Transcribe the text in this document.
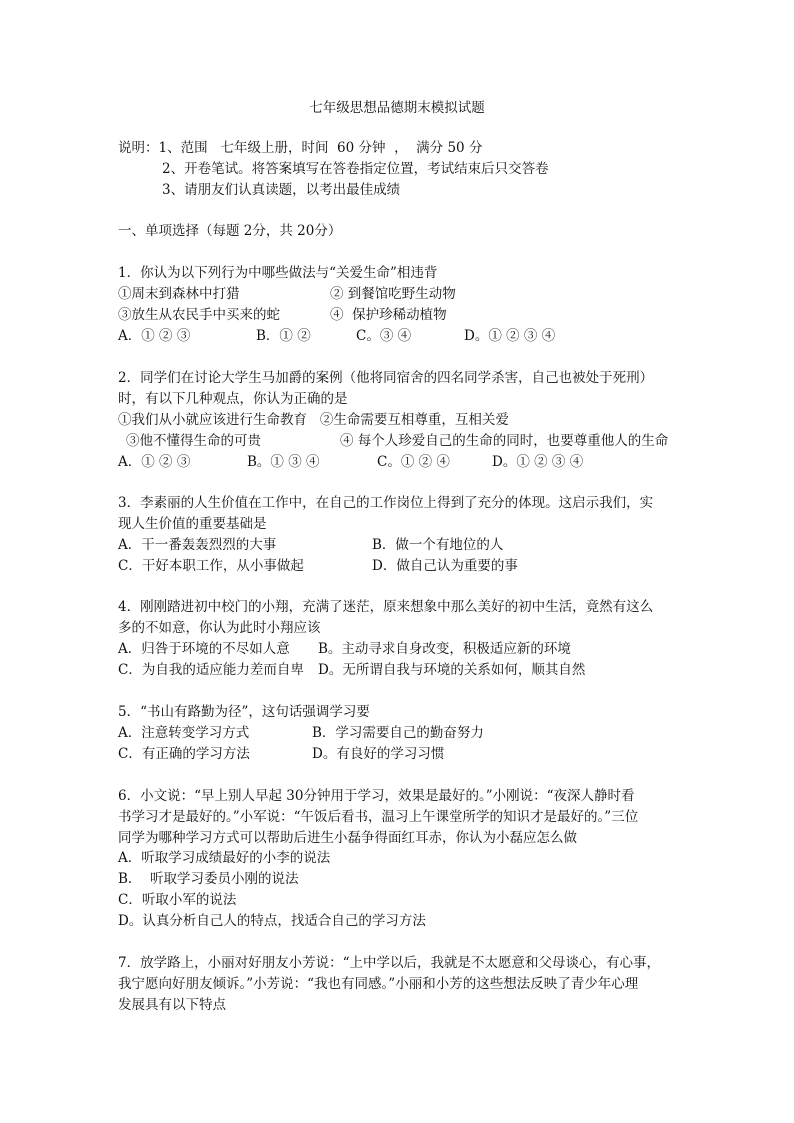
七年级思想品德期末模拟试题
说明：1、范围   七年级上册，时间  60 分钟  ，  满分 50 分
2、开卷笔试。将答案填写在答卷指定位置，考试结束后只交答卷
3、请朋友们认真读题，以考出最佳成绩
一、单项选择（每题 2分，共 20分）
1．你认为以下列行为中哪些做法与“关爱生命”相违背
①周末到森林中打猎	② 到餐馆吃野生动物
③放生从农民手中买来的蛇	④  保护珍稀动植物
A．① ② ③	B．① ②	C。③ ④	D。① ② ③ ④
2．同学们在讨论大学生马加爵的案例（他将同宿舍的四名同学杀害，自己也被处于死刑）
时，有以下几种观点，你认为正确的是
①我们从小就应该进行生命教育   ②生命需要互相尊重，互相关爱
③他不懂得生命的可贵	④ 每个人珍爱自己的生命的同时，也要尊重他人的生命
A．① ② ③	B。① ③ ④	C。① ② ④	D。① ② ③ ④
3．李素丽的人生价值在工作中，在自己的工作岗位上得到了充分的体现。这启示我们，实
现人生价值的重要基础是
A．干一番轰轰烈烈的大事	B．做一个有地位的人
C．干好本职工作，从小事做起	D．做自己认为重要的事
4．刚刚踏进初中校门的小翔，充满了迷茫，原来想象中那么美好的初中生活，竟然有这么
多的不如意，你认为此时小翔应该
A．归咎于环境的不尽如人意 B。主动寻求自身改变，积极适应新的环境
C．为自我的适应能力差而自卑 D。无所谓自我与环境的关系如何，顺其自然
5．“书山有路勤为径”，这句话强调学习要
A．注意转变学习方式	B．学习需要自己的勤奋努力
C．有正确的学习方法	D。有良好的学习习惯
6．小文说：“早上别人早起 30分钟用于学习，效果是最好的。”小刚说：“夜深人静时看
书学习才是最好的。”小军说：“午饭后看书，温习上午课堂所学的知识才是最好的。”三位
同学为哪种学习方式可以帮助后进生小磊争得面红耳赤，你认为小磊应怎么做
A．听取学习成绩最好的小李的说法
B．  听取学习委员小刚的说法
C．听取小军的说法
D。认真分析自己人的特点，找适合自己的学习方法
7．放学路上，小丽对好朋友小芳说：“上中学以后，我就是不太愿意和父母谈心，有心事，
我宁愿向好朋友倾诉。”小芳说：“我也有同感。”小丽和小芳的这些想法反映了青少年心理
发展具有以下特点
